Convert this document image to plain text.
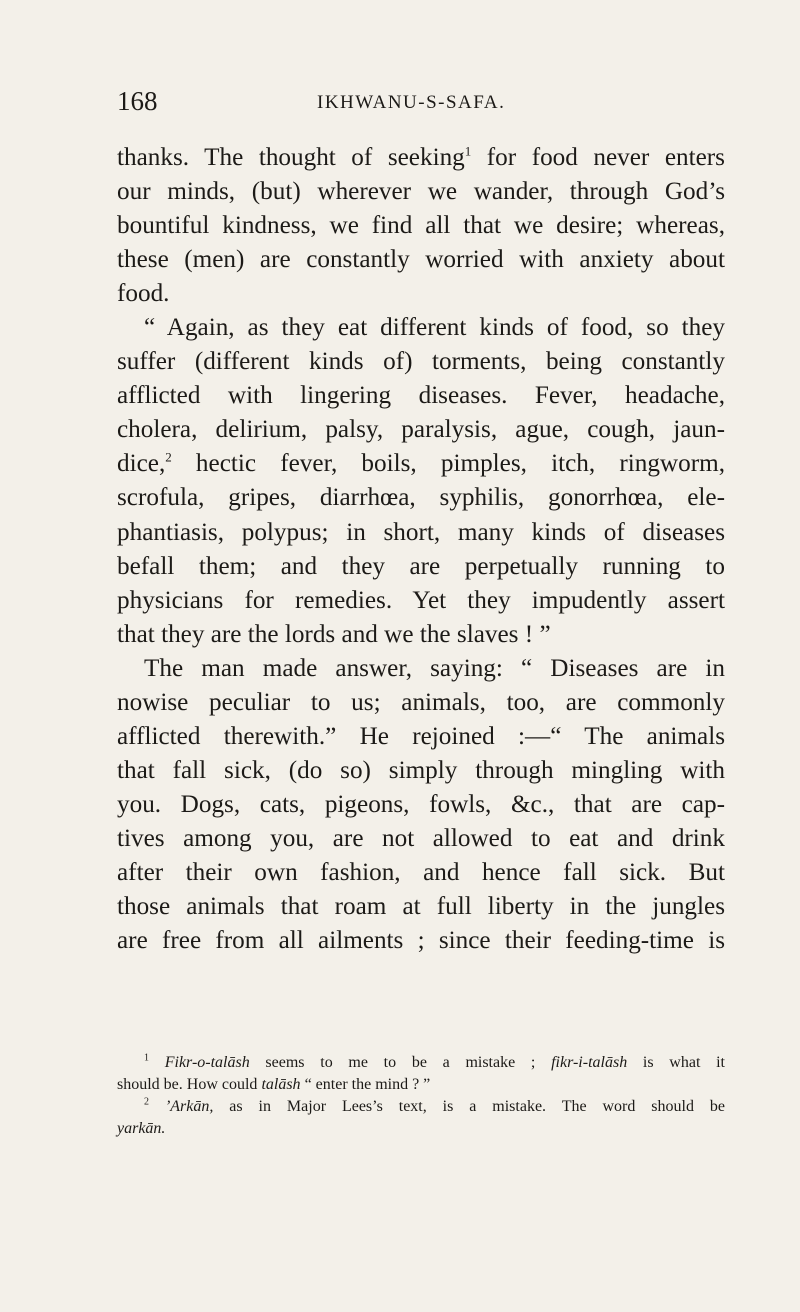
168	IKHWANU-S-SAFA.
thanks. The thought of seeking$^1$ for food never enters
our minds, (but) wherever we wander, through God’s
bountiful kindness, we find all that we desire; whereas,
these (men) are constantly worried with anxiety about
food.
“ Again, as they eat different kinds of food, so they
suffer (different kinds of) torments, being constantly
afflicted with lingering diseases. Fever, headache,
cholera, delirium, palsy, paralysis, ague, cough, jaun-
dice,$^2$ hectic fever, boils, pimples, itch, ringworm,
scrofula, gripes, diarrhœa, syphilis, gonorrhœa, ele-
phantiasis, polypus; in short, many kinds of diseases
befall them; and they are perpetually running to
physicians for remedies. Yet they impudently assert
that they are the lords and we the slaves ! ”
The man made answer, saying: “ Diseases are in
nowise peculiar to us; animals, too, are commonly
afflicted therewith.” He rejoined :—“ The animals
that fall sick, (do so) simply through mingling with
you. Dogs, cats, pigeons, fowls, &c., that are cap-
tives among you, are not allowed to eat and drink
after their own fashion, and hence fall sick. But
those animals that roam at full liberty in the jungles
are free from all ailments ; since their feeding-time is
$^1$ Fikr-o-talāsh seems to me to be a mistake ; fikr-i-talāsh is what it
should be. How could talāsh “ enter the mind ? ”
$^2$ ’Arkān, as in Major Lees’s text, is a mistake. The word should be
yarkān.
